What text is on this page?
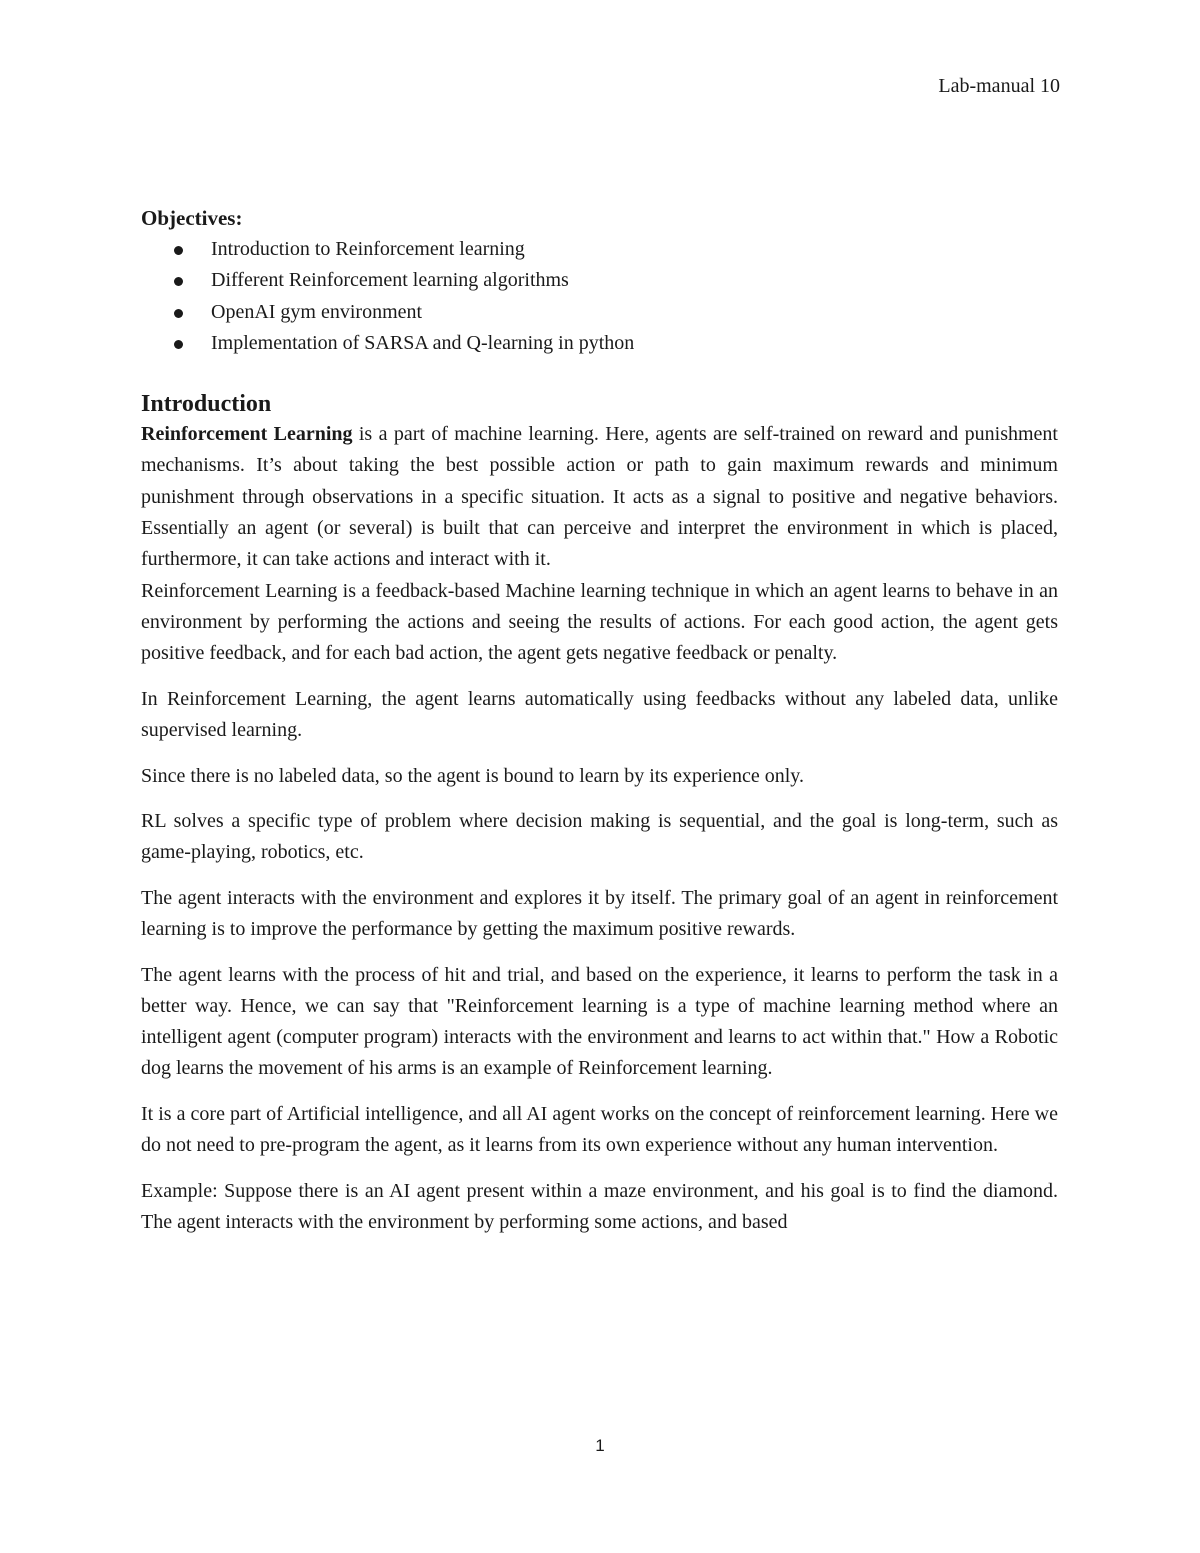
Lab-manual 10
Objectives:
Introduction to Reinforcement learning
Different Reinforcement learning algorithms
OpenAI gym environment
Implementation of SARSA and Q-learning in python
Introduction

Reinforcement Learning is a part of machine learning. Here, agents are self-trained on reward and punishment mechanisms. It’s about taking the best possible action or path to gain maximum rewards and minimum punishment through observations in a specific situation. It acts as a signal to positive and negative behaviors. Essentially an agent (or several) is built that can perceive and interpret the environment in which is placed, furthermore, it can take actions and interact with it.
Reinforcement Learning is a feedback-based Machine learning technique in which an agent learns to behave in an environment by performing the actions and seeing the results of actions. For each good action, the agent gets positive feedback, and for each bad action, the agent gets negative feedback or penalty.

In Reinforcement Learning, the agent learns automatically using feedbacks without any labeled data, unlike supervised learning.

Since there is no labeled data, so the agent is bound to learn by its experience only.

RL solves a specific type of problem where decision making is sequential, and the goal is long-term, such as game-playing, robotics, etc.

The agent interacts with the environment and explores it by itself. The primary goal of an agent in reinforcement learning is to improve the performance by getting the maximum positive rewards.

The agent learns with the process of hit and trial, and based on the experience, it learns to perform the task in a better way. Hence, we can say that "Reinforcement learning is a type of machine learning method where an intelligent agent (computer program) interacts with the environment and learns to act within that." How a Robotic dog learns the movement of his arms is an example of Reinforcement learning.

It is a core part of Artificial intelligence, and all AI agent works on the concept of reinforcement learning. Here we do not need to pre-program the agent, as it learns from its own experience without any human intervention.

Example: Suppose there is an AI agent present within a maze environment, and his goal is to find the diamond. The agent interacts with the environment by performing some actions, and based

1
